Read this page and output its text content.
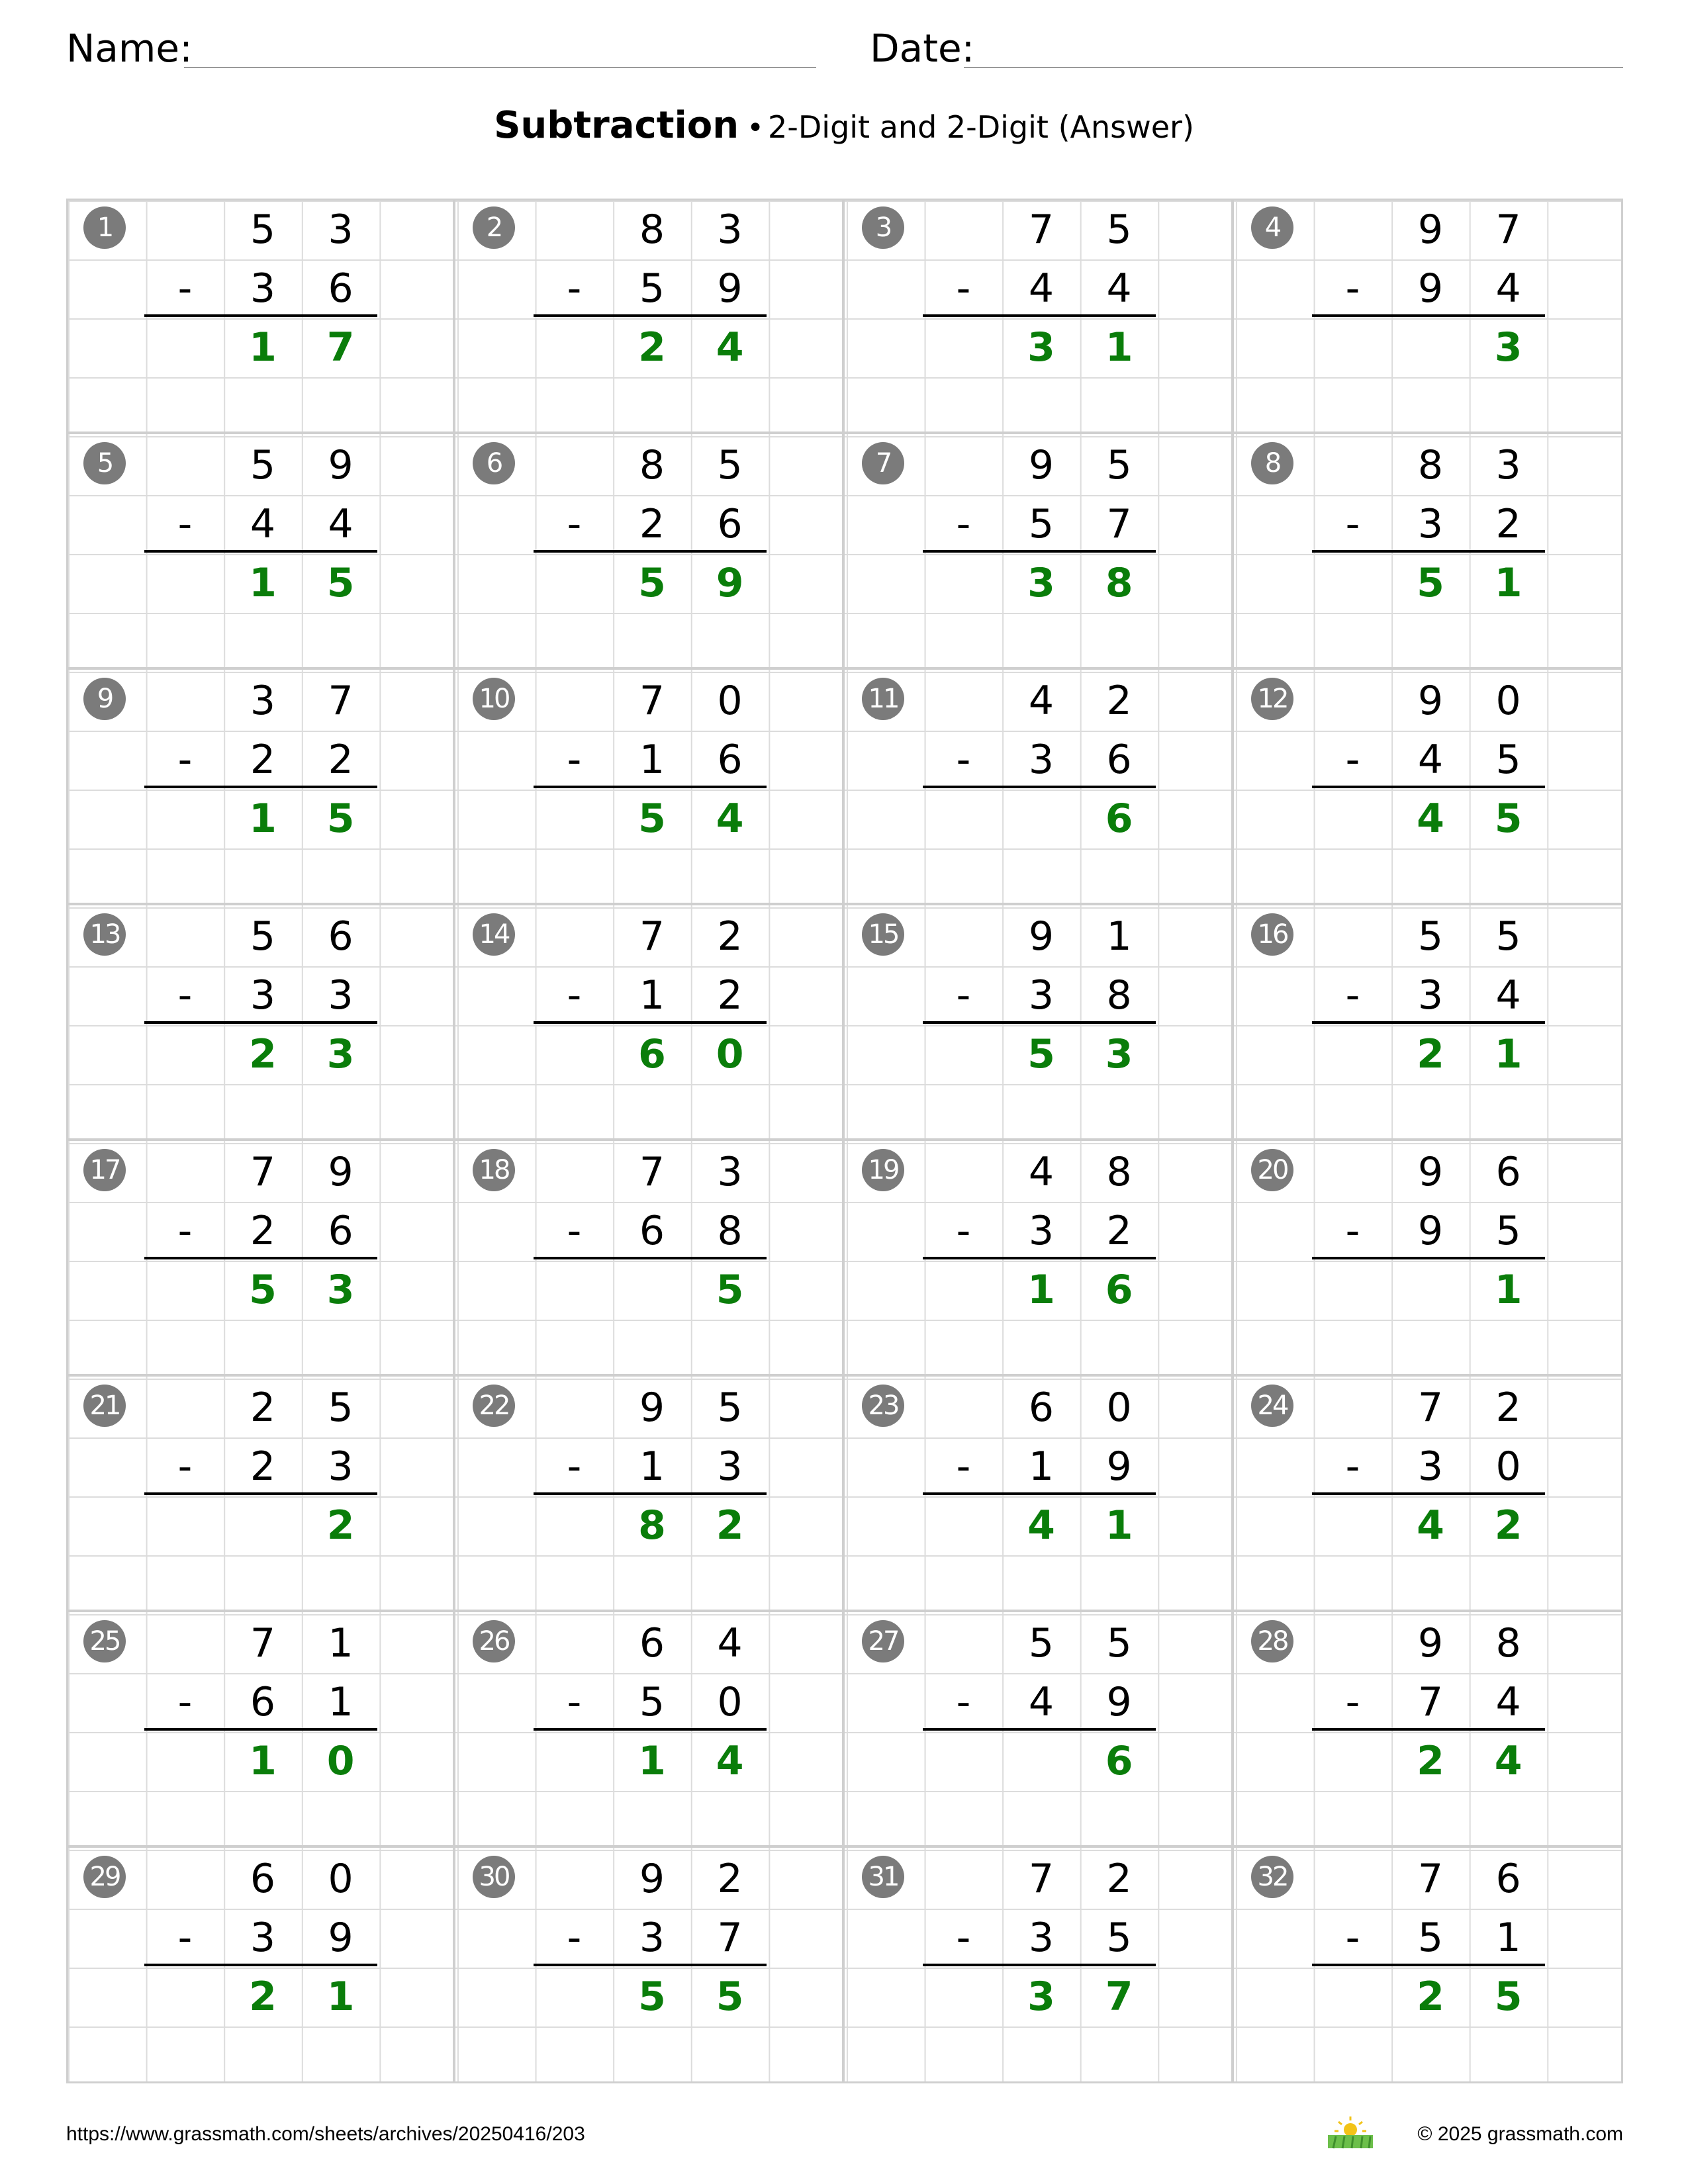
Name:	Date:
Subtraction • 2-Digit and 2-Digit (Answer)
1	5	3
-	3	6
1	7
2	8	3
-	5	9
2	4
3	7	5
-	4	4
3	1
4	9	7
-	9	4
3
5	5	9
-	4	4
1	5
6	8	5
-	2	6
5	9
7	9	5
-	5	7
3	8
8	8	3
-	3	2
5	1
9	3	7
-	2	2
1	5
10	7	0
-	1	6
5	4
11	4	2
-	3	6
6
12	9	0
-	4	5
4	5
13	5	6
-	3	3
2	3
14	7	2
-	1	2
6	0
15	9	1
-	3	8
5	3
16	5	5
-	3	4
2	1
17	7	9
-	2	6
5	3
18	7	3
-	6	8
5
19	4	8
-	3	2
1	6
20	9	6
-	9	5
1
21	2	5
-	2	3
2
22	9	5
-	1	3
8	2
23	6	0
-	1	9
4	1
24	7	2
-	3	0
4	2
25	7	1
-	6	1
1	0
26	6	4
-	5	0
1	4
27	5	5
-	4	9
6
28	9	8
-	7	4
2	4
29	6	0
-	3	9
2	1
30	9	2
-	3	7
5	5
31	7	2
-	3	5
3	7
32	7	6
-	5	1
2	5
https://www.grassmath.com/sheets/archives/20250416/203	© 2025 grassmath.com
